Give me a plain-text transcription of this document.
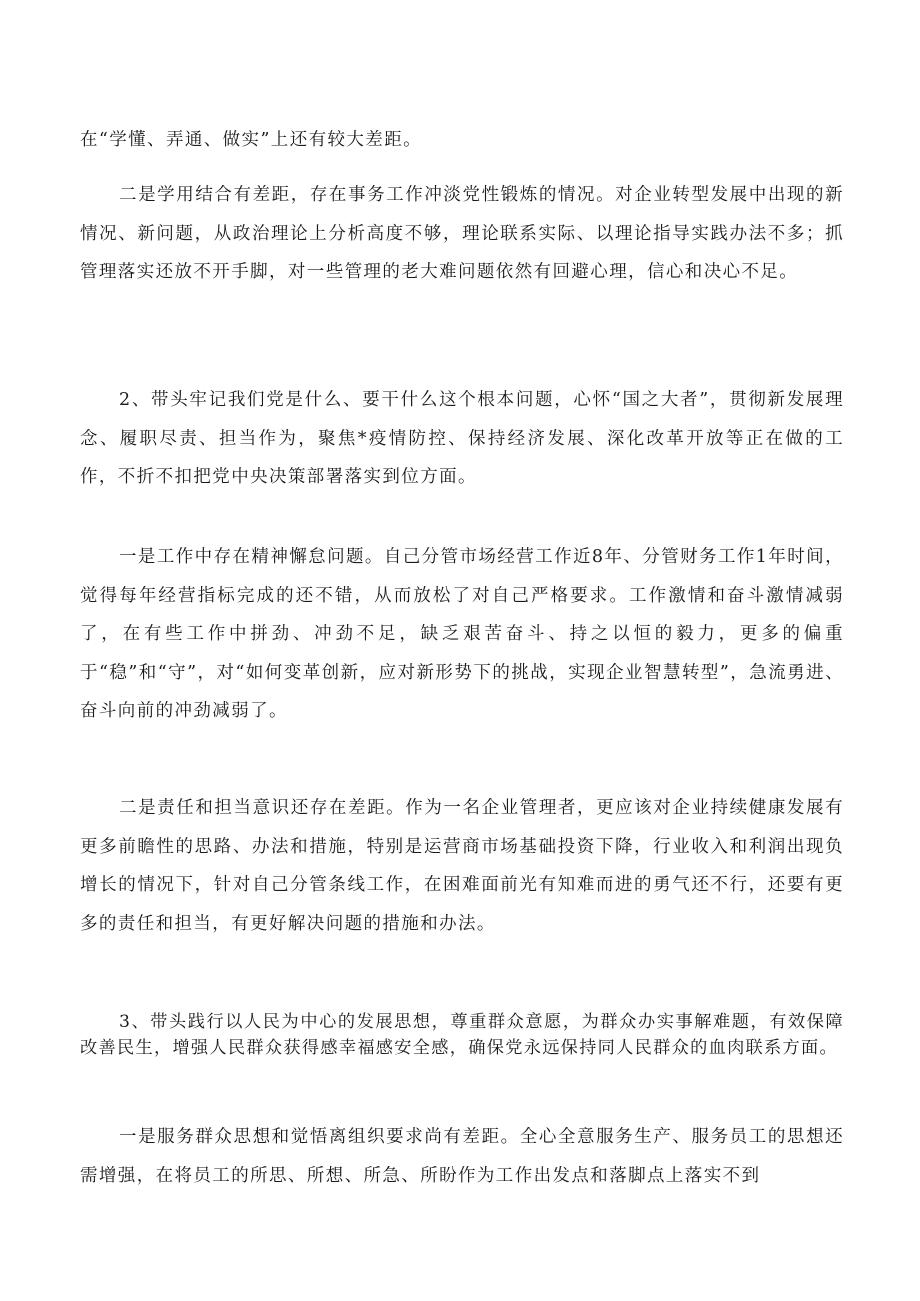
在“学懂、弄通、做实”上还有较大差距。

二是学用结合有差距，存在事务工作冲淡党性锻炼的情况。对企业转型发展中出现的新情况、新问题，从政治理论上分析高度不够，理论联系实际、以理论指导实践办法不多；抓管理落实还放不开手脚，对一些管理的老大难问题依然有回避心理，信心和决心不足。

2、带头牢记我们党是什么、要干什么这个根本问题，心怀“国之大者”，贯彻新发展理念、履职尽责、担当作为，聚焦*疫情防控、保持经济发展、深化改革开放等正在做的工作，不折不扣把党中央决策部署落实到位方面。

一是工作中存在精神懈怠问题。自己分管市场经营工作近8年、分管财务工作1年时间，觉得每年经营指标完成的还不错，从而放松了对自己严格要求。工作激情和奋斗激情减弱了，在有些工作中拼劲、冲劲不足，缺乏艰苦奋斗、持之以恒的毅力，更多的偏重于“稳”和“守”，对“如何变革创新，应对新形势下的挑战，实现企业智慧转型”，急流勇进、奋斗向前的冲劲减弱了。

二是责任和担当意识还存在差距。作为一名企业管理者，更应该对企业持续健康发展有更多前瞻性的思路、办法和措施，特别是运营商市场基础投资下降，行业收入和利润出现负增长的情况下，针对自己分管条线工作，在困难面前光有知难而进的勇气还不行，还要有更多的责任和担当，有更好解决问题的措施和办法。

3、带头践行以人民为中心的发展思想，尊重群众意愿，为群众办实事解难题，有效保障改善民生，增强人民群众获得感幸福感安全感，确保党永远保持同人民群众的血肉联系方面。

一是服务群众思想和觉悟离组织要求尚有差距。全心全意服务生产、服务员工的思想还需增强，在将员工的所思、所想、所急、所盼作为工作出发点和落脚点上落实不到
